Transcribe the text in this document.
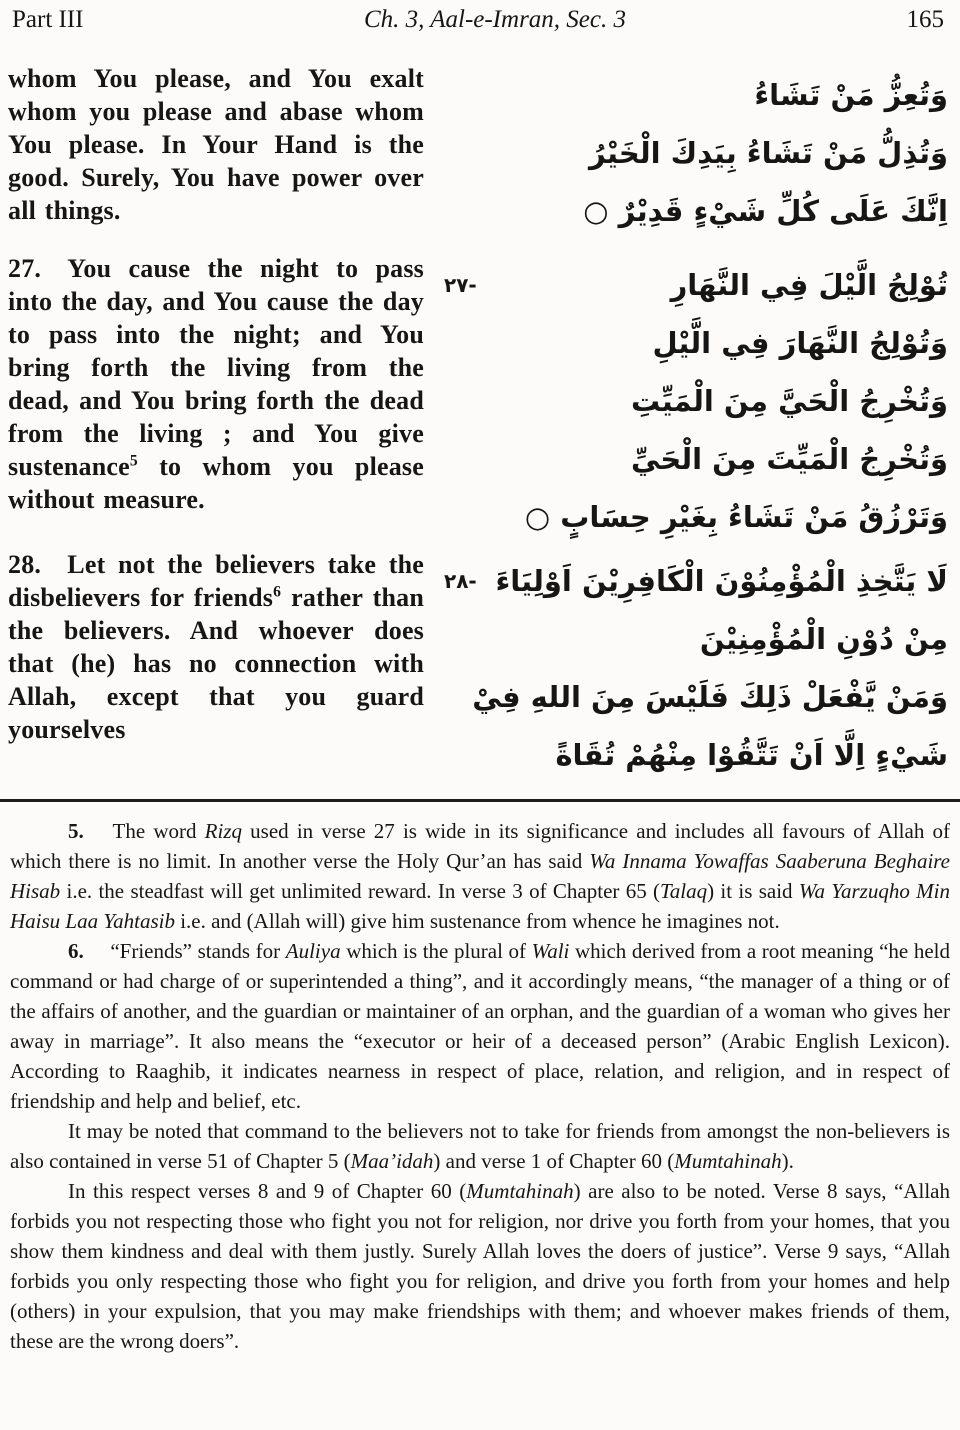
Part III	Ch. 3, Aal-e-Imran, Sec. 3	165
whom You please, and You exalt whom you please and abase whom You please. In Your Hand is the good. Surely, You have power over all things.
وَتُعِزُّ مَنْ تَشَاءُ
وَتُذِلُّ مَنْ تَشَاءُ بِيَدِكَ الْخَيْرُ
اِنَّكَ عَلَى كُلِّ شَيْءٍ قَدِيْرٌ ○
27. You cause the night to pass into the day, and You cause the day to pass into the night; and You bring forth the living from the dead, and You bring forth the dead from the living ; and You give sustenance$^5$ to whom you please without measure.
٢٧-	تُوْلِجُ الَّيْلَ فِي النَّهَارِ
وَتُوْلِجُ النَّهَارَ فِي الَّيْلِ
وَتُخْرِجُ الْحَيَّ مِنَ الْمَيِّتِ
وَتُخْرِجُ الْمَيِّتَ مِنَ الْحَيِّ
وَتَرْزُقُ مَنْ تَشَاءُ بِغَيْرِ حِسَابٍ ○
28. Let not the believers take the disbelievers for friends$^6$ rather than the believers. And whoever does that (he) has no connection with Allah, except that you guard yourselves
٢٨- لَا يَتَّخِذِ الْمُؤْمِنُوْنَ الْكَافِرِيْنَ اَوْلِيَاءَ
مِنْ دُوْنِ الْمُؤْمِنِيْنَ
وَمَنْ يَّفْعَلْ ذَلِكَ فَلَيْسَ مِنَ اللهِ فِيْ
شَيْءٍ اِلَّا اَنْ تَتَّقُوْا مِنْهُمْ تُقَاةً

5.  The word Rizq used in verse 27 is wide in its significance and includes all favours of Allah of which there is no limit. In another verse the Holy Qur’an has said Wa Innama Yowaffas Saaberuna Beghaire Hisab i.e. the steadfast will get unlimited reward. In verse 3 of Chapter 65 (Talaq) it is said Wa Yarzuqho Min Haisu Laa Yahtasib i.e. and (Allah will) give him sustenance from whence he imagines not.

6.  “Friends” stands for Auliya which is the plural of Wali which derived from a root meaning “he held command or had charge of or superintended a thing”, and it accordingly means, “the manager of a thing or of the affairs of another, and the guardian or maintainer of an orphan, and the guardian of a woman who gives her away in marriage”. It also means the “executor or heir of a deceased person” (Arabic English Lexicon). According to Raaghib, it indicates nearness in respect of place, relation, and religion, and in respect of friendship and help and belief, etc.

It may be noted that command to the believers not to take for friends from amongst the non-believers is also contained in verse 51 of Chapter 5 (Maa’idah) and verse 1 of Chapter 60 (Mumtahinah).

In this respect verses 8 and 9 of Chapter 60 (Mumtahinah) are also to be noted. Verse 8 says, “Allah forbids you not respecting those who fight you not for religion, nor drive you forth from your homes, that you show them kindness and deal with them justly. Surely Allah loves the doers of justice”. Verse 9 says, “Allah forbids you only respecting those who fight you for religion, and drive you forth from your homes and help (others) in your expulsion, that you may make friendships with them; and whoever makes friends of them, these are the wrong doers”.
